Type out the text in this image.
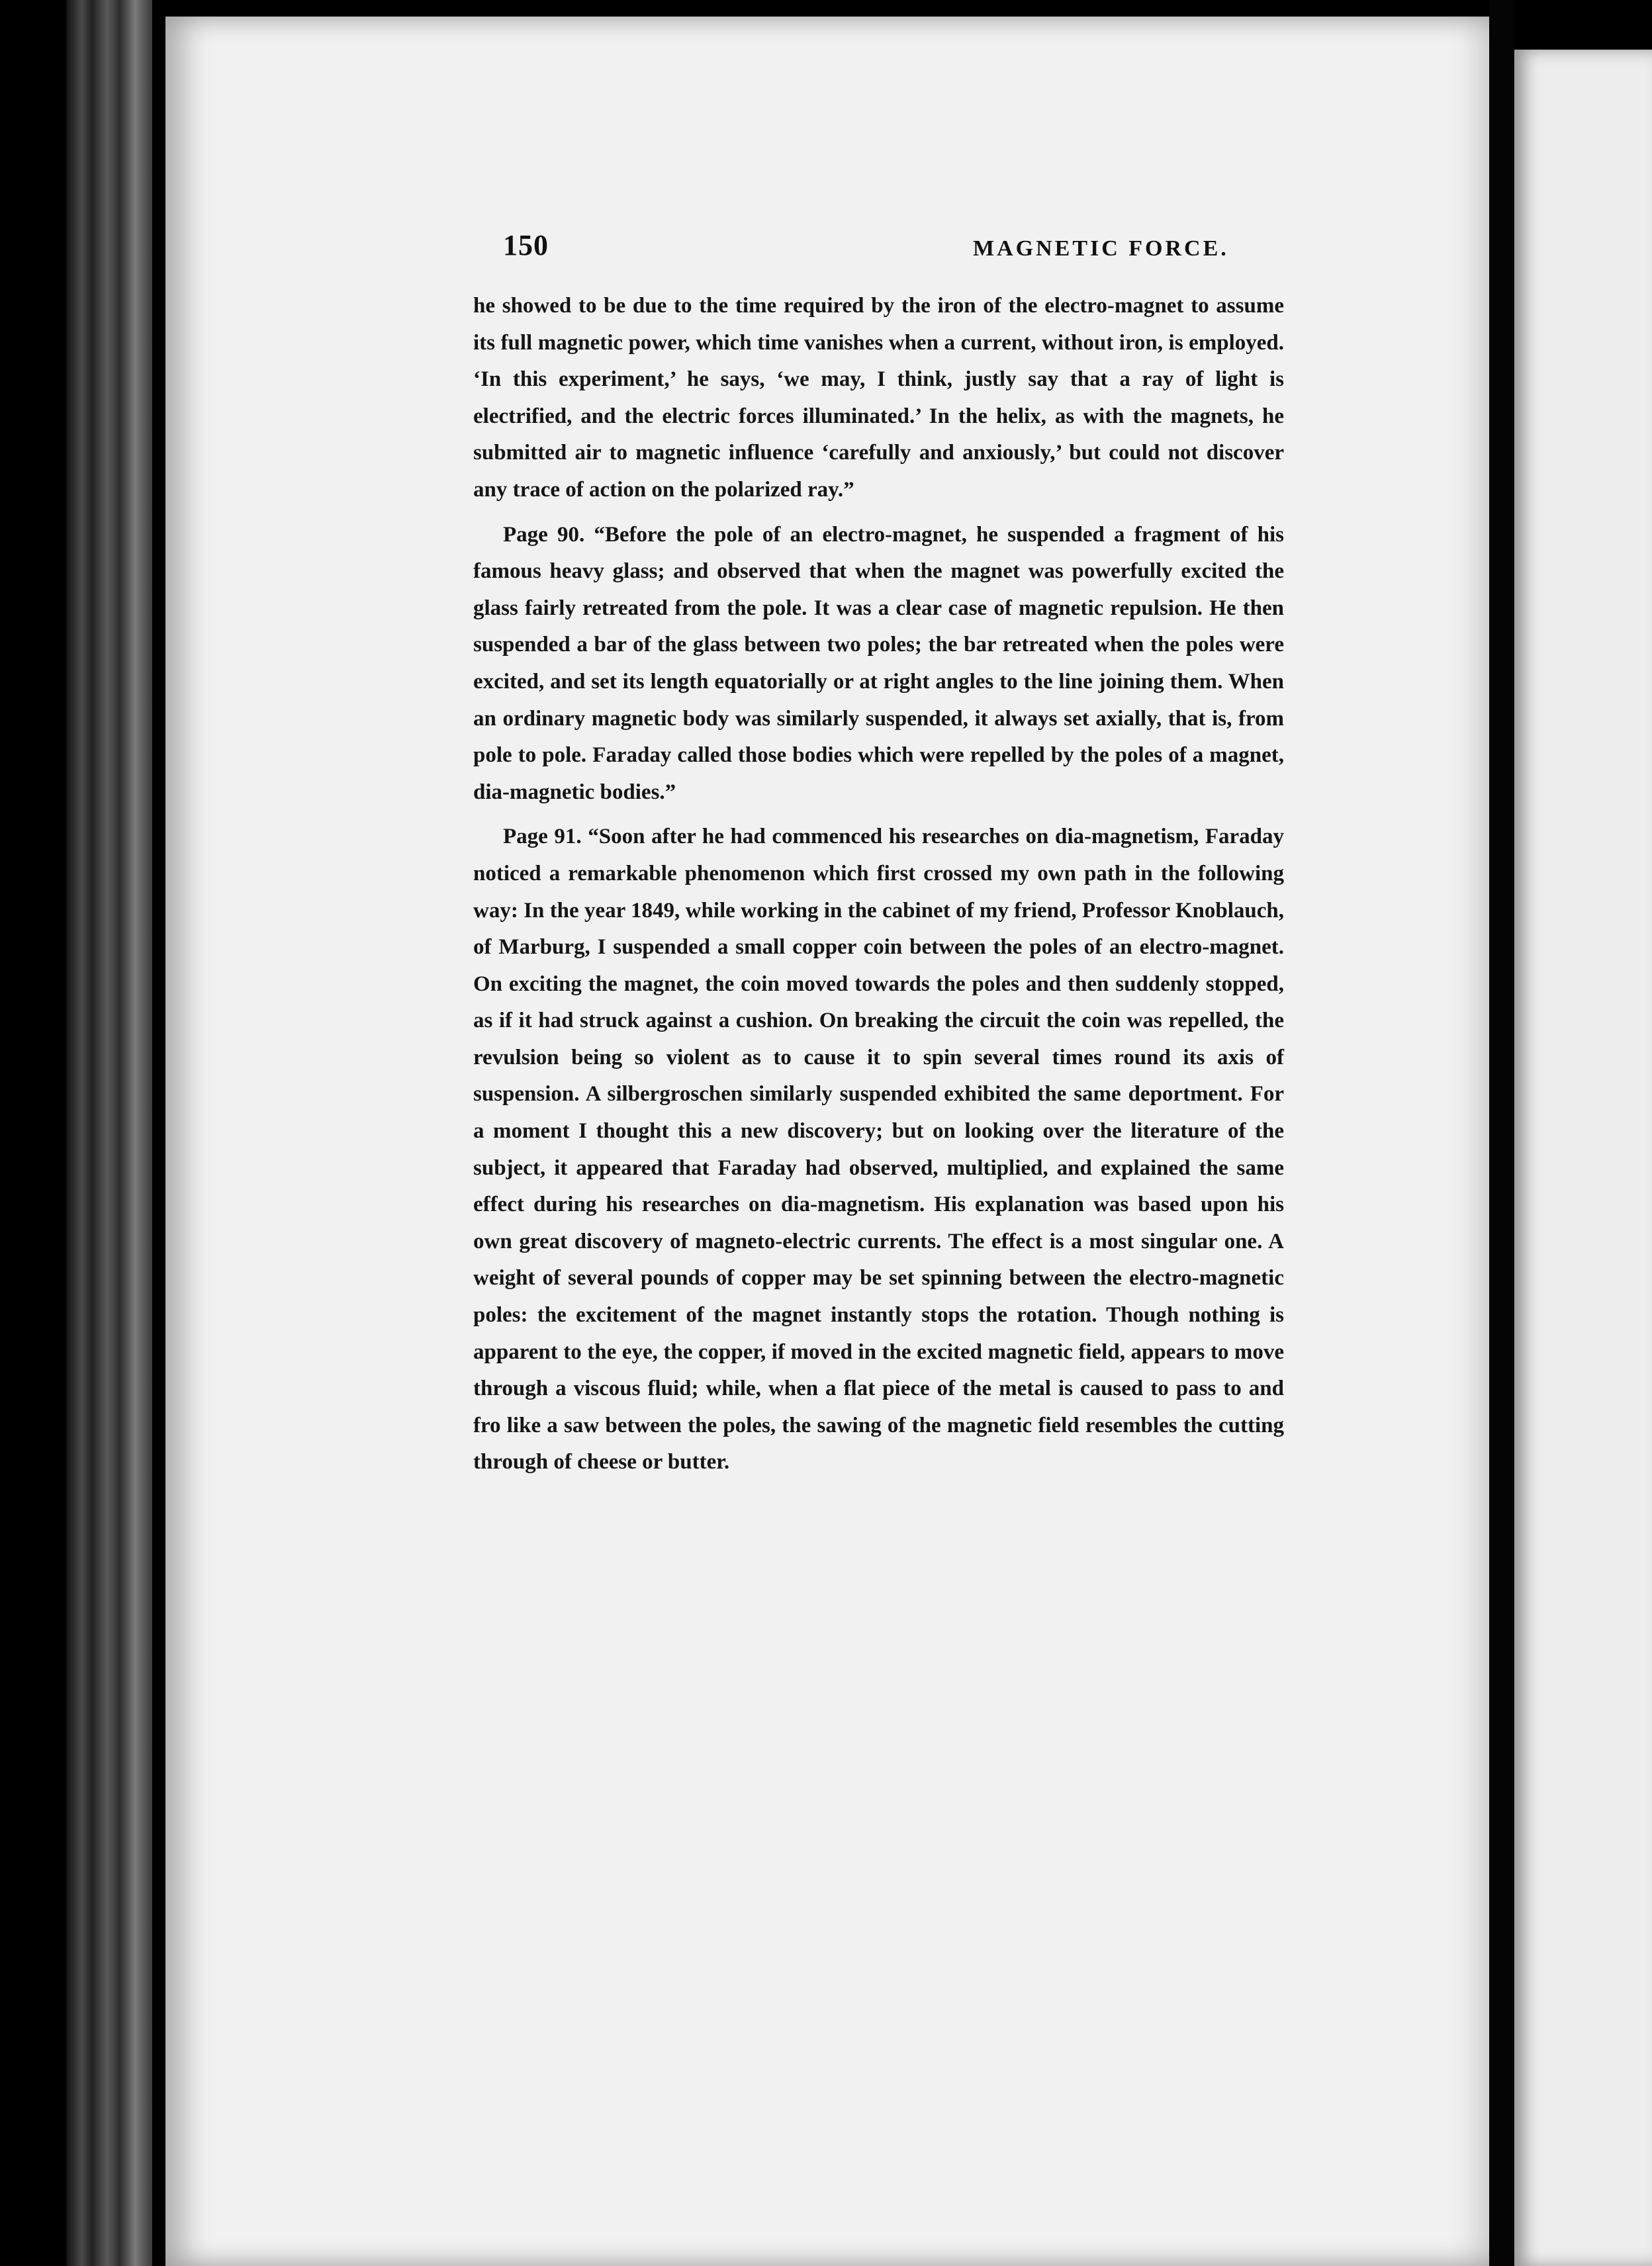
150	MAGNETIC FORCE.

he showed to be due to the time required by the iron of the electro-magnet to assume its full magnetic power, which time vanishes when a current, without iron, is employed. ‘In this experiment,’ he says, ‘we may, I think, justly say that a ray of light is electrified, and the electric forces illuminated.’ In the helix, as with the magnets, he submitted air to magnetic influence ‘carefully and anxiously,’ but could not discover any trace of action on the polarized ray.”

Page 90. “Before the pole of an electro-magnet, he suspended a fragment of his famous heavy glass; and observed that when the magnet was powerfully excited the glass fairly retreated from the pole. It was a clear case of magnetic repulsion. He then suspended a bar of the glass between two poles; the bar retreated when the poles were excited, and set its length equatorially or at right angles to the line joining them. When an ordinary magnetic body was similarly suspended, it always set axially, that is, from pole to pole. Faraday called those bodies which were repelled by the poles of a magnet, dia-magnetic bodies.”

Page 91. “Soon after he had commenced his researches on dia-magnetism, Faraday noticed a remarkable phenomenon which first crossed my own path in the following way: In the year 1849, while working in the cabinet of my friend, Professor Knoblauch, of Marburg, I suspended a small copper coin between the poles of an electro-magnet. On exciting the magnet, the coin moved towards the poles and then suddenly stopped, as if it had struck against a cushion. On breaking the circuit the coin was repelled, the revulsion being so violent as to cause it to spin several times round its axis of suspension. A silbergroschen similarly suspended exhibited the same deportment. For a moment I thought this a new discovery; but on looking over the literature of the subject, it appeared that Faraday had observed, multiplied, and explained the same effect during his researches on dia-magnetism. His explanation was based upon his own great discovery of magneto-electric currents. The effect is a most singular one. A weight of several pounds of copper may be set spinning between the electro-magnetic poles: the excitement of the magnet instantly stops the rotation. Though nothing is apparent to the eye, the copper, if moved in the excited magnetic field, appears to move through a viscous fluid; while, when a flat piece of the metal is caused to pass to and fro like a saw between the poles, the sawing of the magnetic field resembles the cutting through of cheese or butter.
